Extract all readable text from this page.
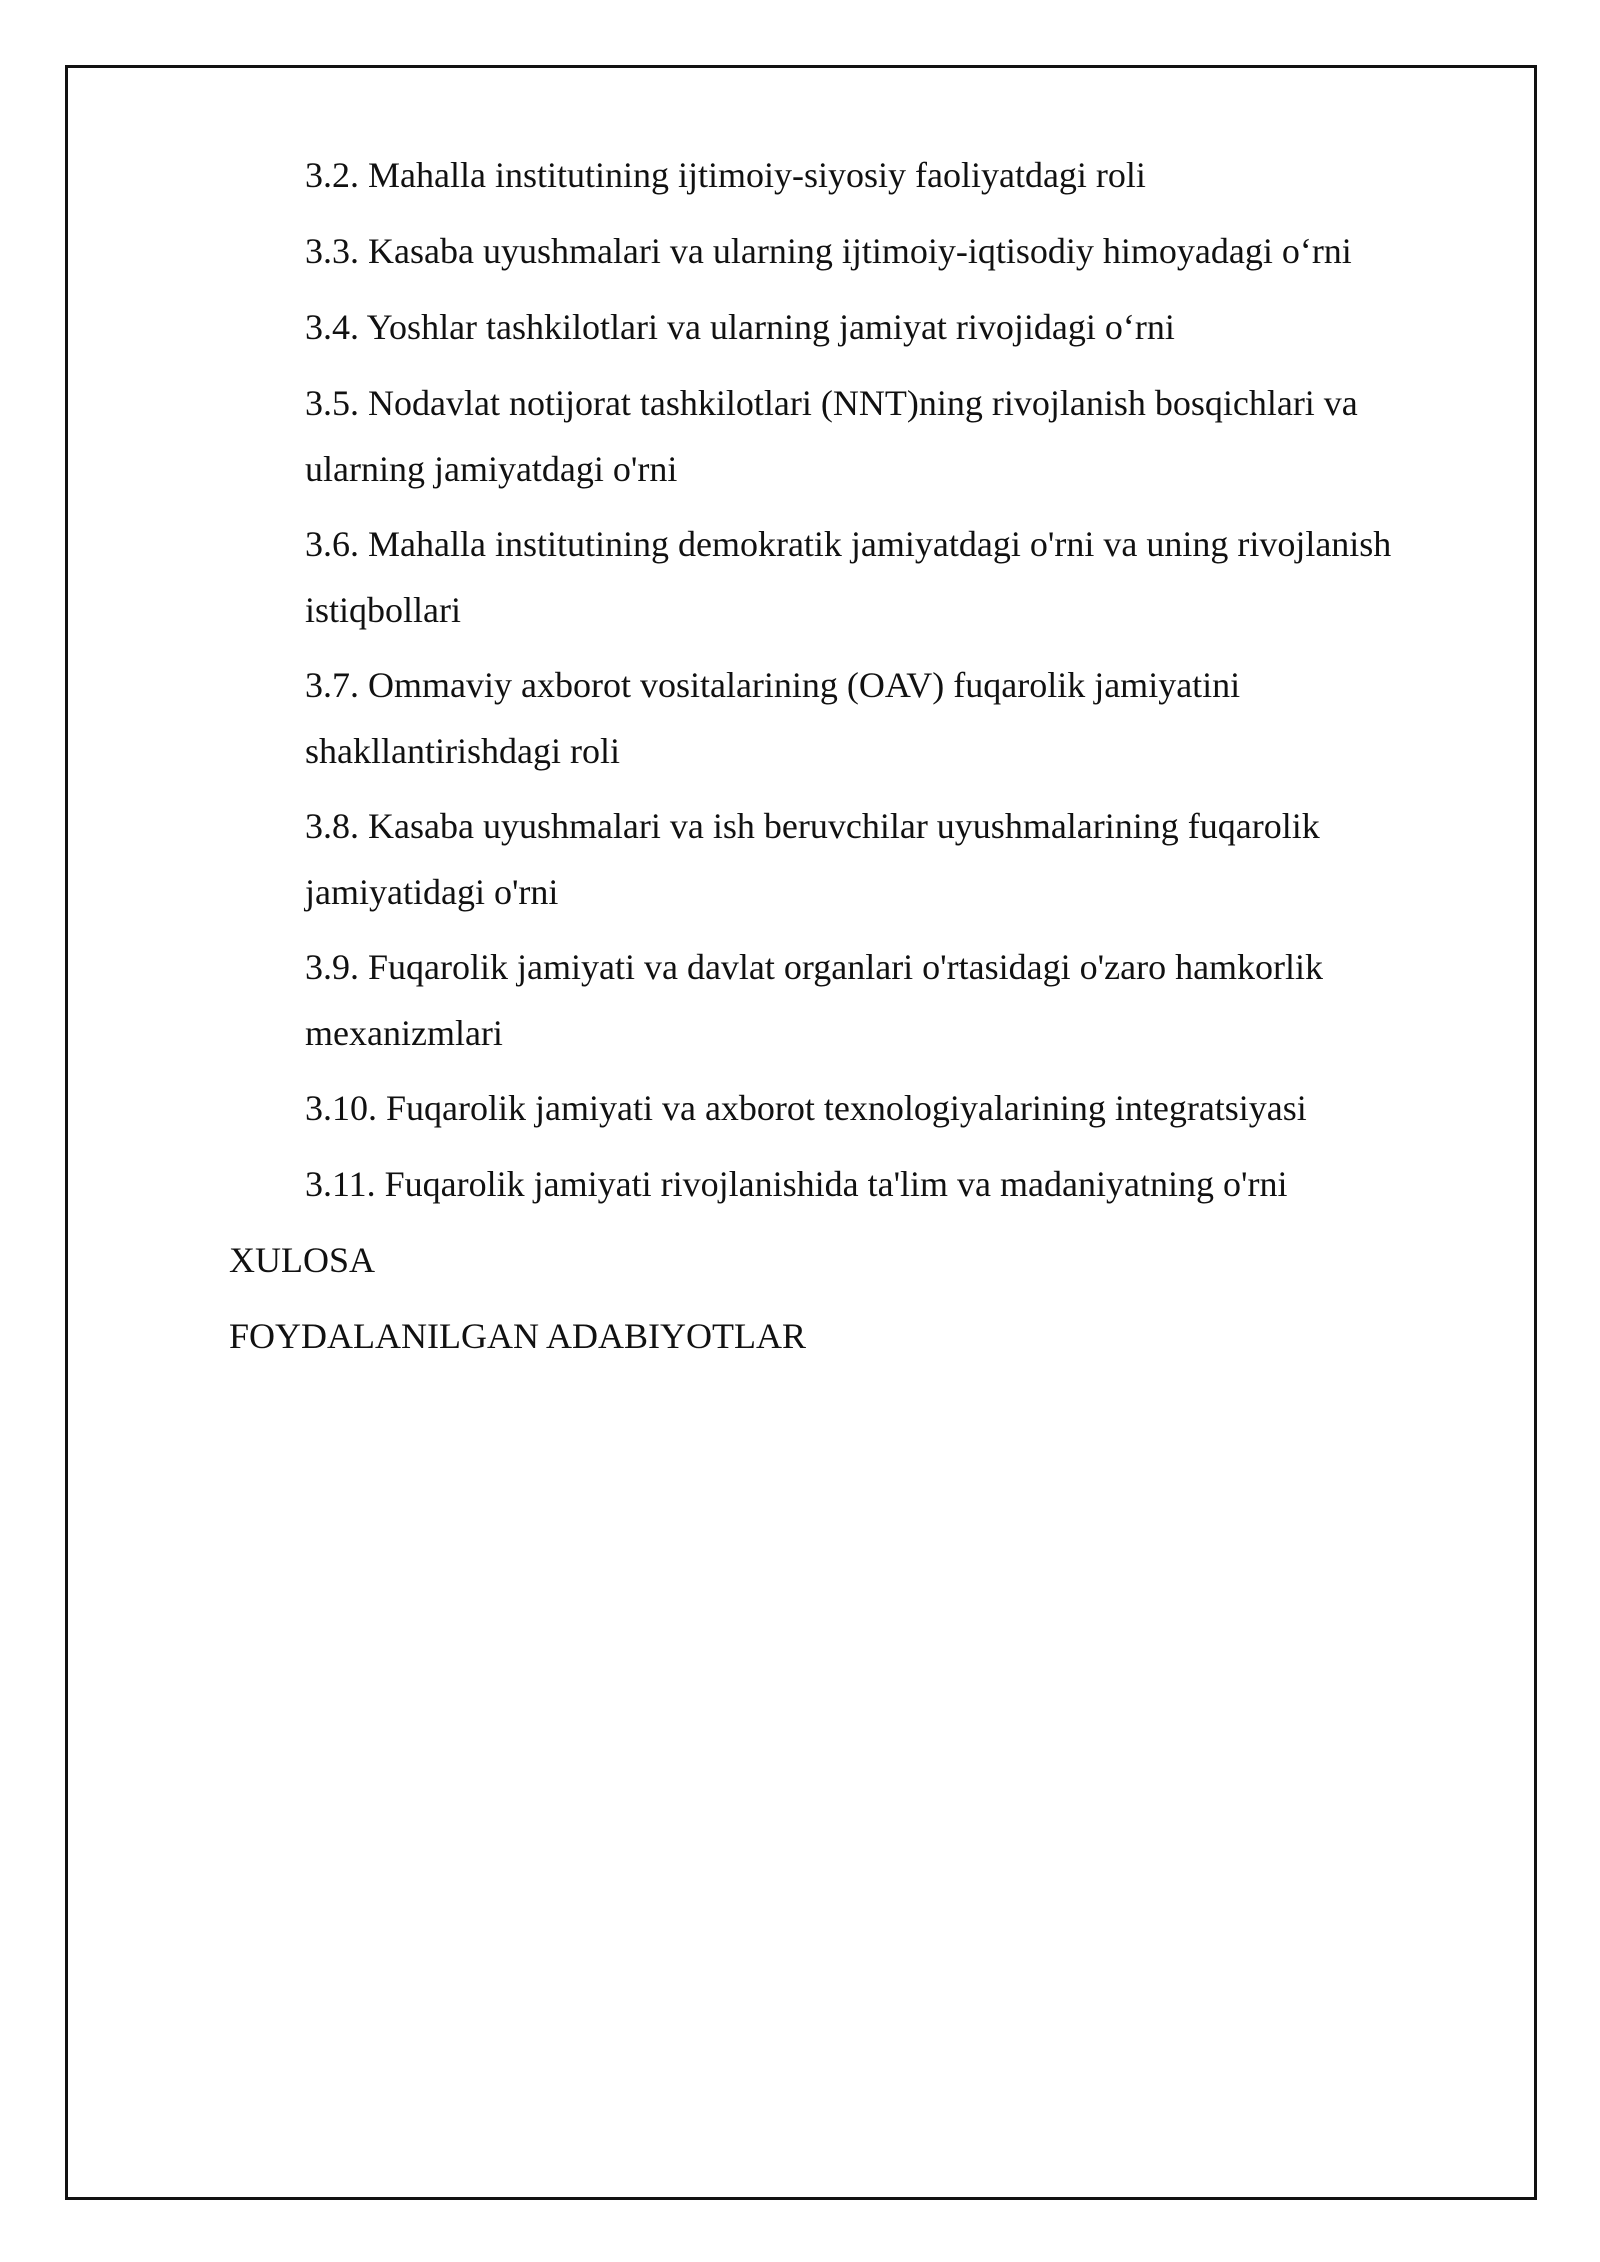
3.2. Mahalla institutining ijtimoiy-siyosiy faoliyatdagi roli

3.3. Kasaba uyushmalari va ularning ijtimoiy-iqtisodiy himoyadagi o‘rni

3.4. Yoshlar tashkilotlari va ularning jamiyat rivojidagi o‘rni

3.5. Nodavlat notijorat tashkilotlari (NNT)ning rivojlanish bosqichlari va ularning jamiyatdagi o'rni

3.6. Mahalla institutining demokratik jamiyatdagi o'rni va uning rivojlanish istiqbollari

3.7. Ommaviy axborot vositalarining (OAV) fuqarolik jamiyatini shakllantirishdagi roli

3.8. Kasaba uyushmalari va ish beruvchilar uyushmalarining fuqarolik jamiyatidagi o'rni

3.9. Fuqarolik jamiyati va davlat organlari o'rtasidagi o'zaro hamkorlik mexanizmlari

3.10. Fuqarolik jamiyati va axborot texnologiyalarining integratsiyasi

3.11. Fuqarolik jamiyati rivojlanishida ta'lim va madaniyatning o'rni

XULOSA

FOYDALANILGAN ADABIYOTLAR
